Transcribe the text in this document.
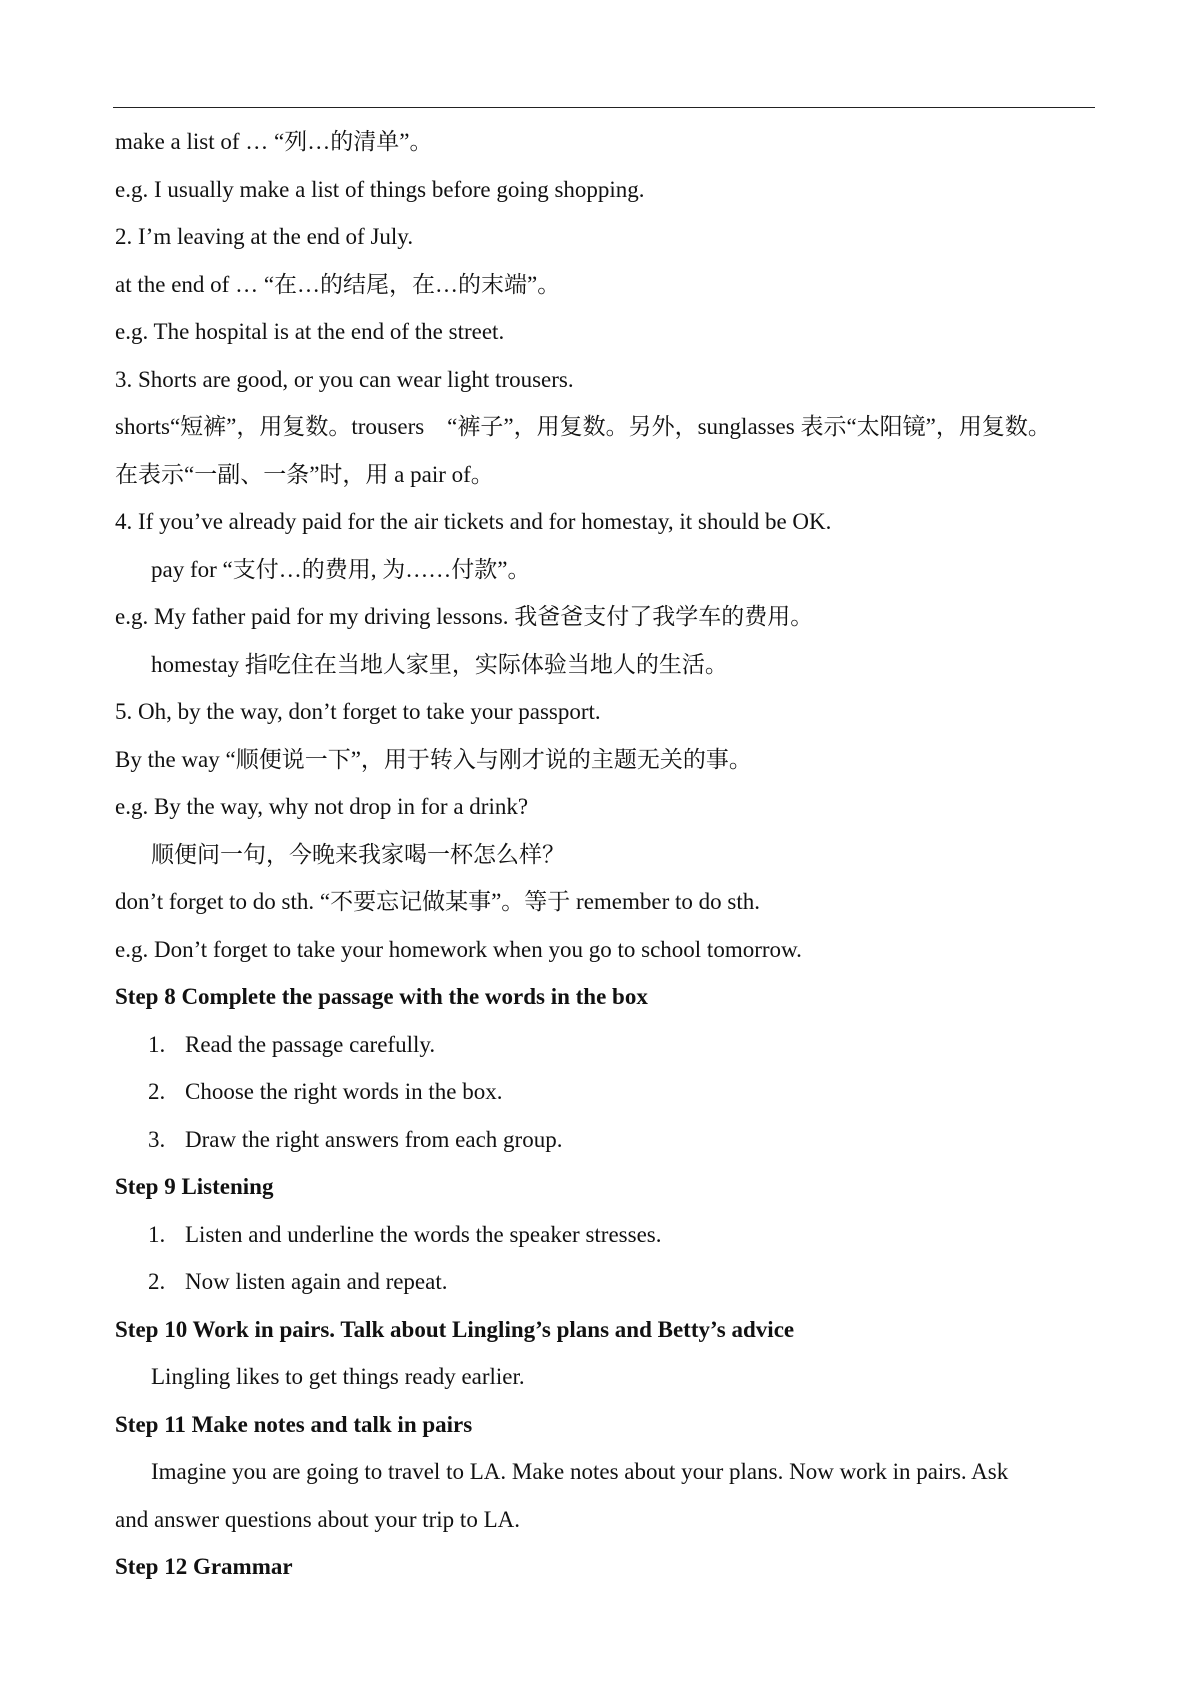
make a list of … “列…的清单”。
e.g. I usually make a list of things before going shopping.
2. I’m leaving at the end of July.
at the end of … “在…的结尾，在…的末端”。
e.g. The hospital is at the end of the street.
3. Shorts are good, or you can wear light trousers.
shorts“短裤”，用复数。trousers　“裤子”，用复数。另外，sunglasses 表示“太阳镜”，用复数。
在表示“一副、一条”时，用 a pair of。
4. If you’ve already paid for the air tickets and for homestay, it should be OK.
pay for “支付…的费用, 为……付款”。
e.g. My father paid for my driving lessons. 我爸爸支付了我学车的费用。
homestay 指吃住在当地人家里，实际体验当地人的生活。
5. Oh, by the way, don’t forget to take your passport.
By the way “顺便说一下”，用于转入与刚才说的主题无关的事。
e.g. By the way, why not drop in for a drink?
顺便问一句，今晚来我家喝一杯怎么样？
don’t forget to do sth. “不要忘记做某事”。等于 remember to do sth.
e.g. Don’t forget to take your homework when you go to school tomorrow.
Step 8 Complete the passage with the words in the box
1. Read the passage carefully.
2. Choose the right words in the box.
3. Draw the right answers from each group.
Step 9 Listening
1. Listen and underline the words the speaker stresses.
2. Now listen again and repeat.
Step 10 Work in pairs. Talk about Lingling’s plans and Betty’s advice
Lingling likes to get things ready earlier.
Step 11 Make notes and talk in pairs
Imagine you are going to travel to LA. Make notes about your plans. Now work in pairs. Ask
and answer questions about your trip to LA.
Step 12 Grammar
